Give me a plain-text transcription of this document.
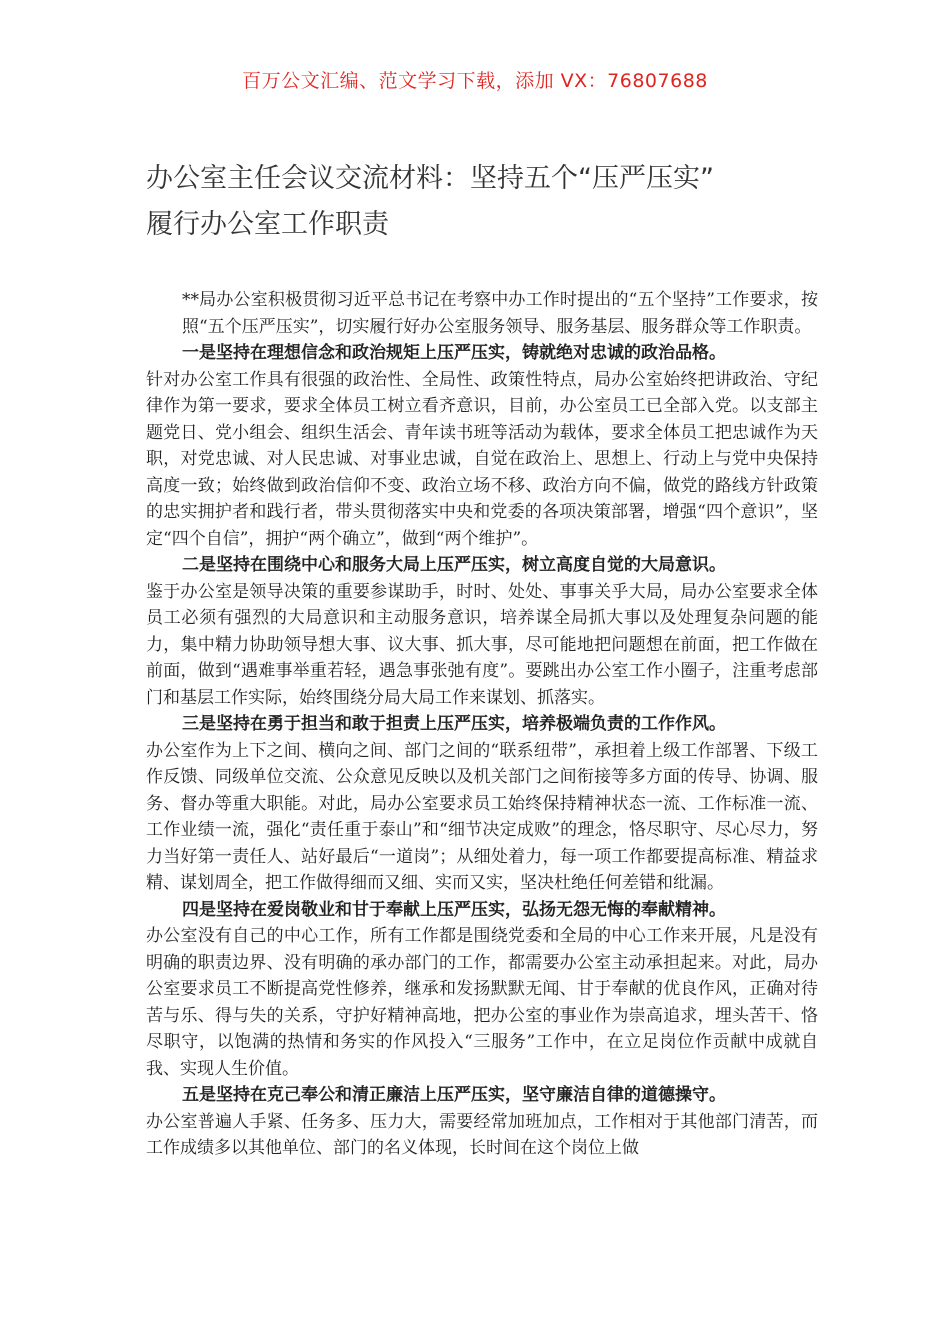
百万公文汇编、范文学习下载，添加 VX：76807688
办公室主任会议交流材料：坚持五个“压严压实”
履行办公室工作职责

**局办公室积极贯彻习近平总书记在考察中办工作时提出的“五个坚持”工作要求，按照“五个压严压实”，切实履行好办公室服务领导、服务基层、服务群众等工作职责。

一是坚持在理想信念和政治规矩上压严压实，铸就绝对忠诚的政治品格。

针对办公室工作具有很强的政治性、全局性、政策性特点，局办公室始终把讲政治、守纪律作为第一要求，要求全体员工树立看齐意识，目前，办公室员工已全部入党。以支部主题党日、党小组会、组织生活会、青年读书班等活动为载体，要求全体员工把忠诚作为天职，对党忠诚、对人民忠诚、对事业忠诚，自觉在政治上、思想上、行动上与党中央保持高度一致；始终做到政治信仰不变、政治立场不移、政治方向不偏，做党的路线方针政策的忠实拥护者和践行者，带头贯彻落实中央和党委的各项决策部署，增强“四个意识”，坚定“四个自信”，拥护“两个确立”，做到“两个维护”。

二是坚持在围绕中心和服务大局上压严压实，树立高度自觉的大局意识。

鉴于办公室是领导决策的重要参谋助手，时时、处处、事事关乎大局，局办公室要求全体员工必须有强烈的大局意识和主动服务意识，培养谋全局抓大事以及处理复杂问题的能力，集中精力协助领导想大事、议大事、抓大事，尽可能地把问题想在前面，把工作做在前面，做到“遇难事举重若轻，遇急事张弛有度”。要跳出办公室工作小圈子，注重考虑部门和基层工作实际，始终围绕分局大局工作来谋划、抓落实。

三是坚持在勇于担当和敢于担责上压严压实，培养极端负责的工作作风。

办公室作为上下之间、横向之间、部门之间的“联系纽带”，承担着上级工作部署、下级工作反馈、同级单位交流、公众意见反映以及机关部门之间衔接等多方面的传导、协调、服务、督办等重大职能。对此，局办公室要求员工始终保持精神状态一流、工作标准一流、工作业绩一流，强化“责任重于泰山”和“细节决定成败”的理念，恪尽职守、尽心尽力，努力当好第一责任人、站好最后“一道岗”；从细处着力，每一项工作都要提高标准、精益求精、谋划周全，把工作做得细而又细、实而又实，坚决杜绝任何差错和纰漏。

四是坚持在爱岗敬业和甘于奉献上压严压实，弘扬无怨无悔的奉献精神。

办公室没有自己的中心工作，所有工作都是围绕党委和全局的中心工作来开展，凡是没有明确的职责边界、没有明确的承办部门的工作，都需要办公室主动承担起来。对此，局办公室要求员工不断提高党性修养，继承和发扬默默无闻、甘于奉献的优良作风，正确对待苦与乐、得与失的关系，守护好精神高地，把办公室的事业作为崇高追求，埋头苦干、恪尽职守，以饱满的热情和务实的作风投入“三服务”工作中，在立足岗位作贡献中成就自我、实现人生价值。

五是坚持在克己奉公和清正廉洁上压严压实，坚守廉洁自律的道德操守。

办公室普遍人手紧、任务多、压力大，需要经常加班加点，工作相对于其他部门清苦，而工作成绩多以其他单位、部门的名义体现，长时间在这个岗位上做
